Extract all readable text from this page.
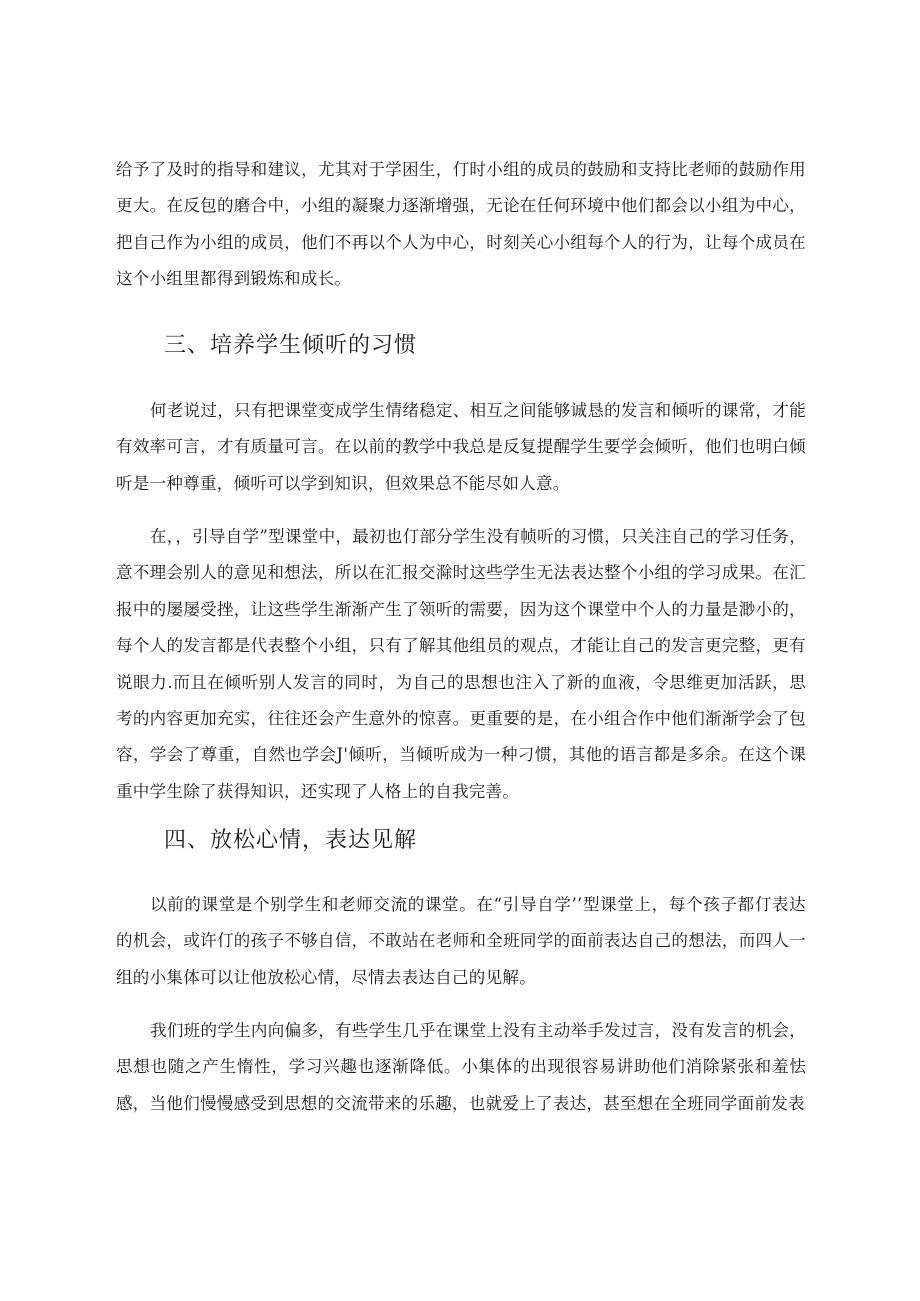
给予了及时的指导和建议，尤其对于学困生，仃时小组的成员的鼓励和支持比老师的鼓励作用更大。在反包的磨合中，小组的凝聚力逐渐增强，无论在任何环境中他们都会以小组为中心，把自己作为小组的成员，他们不再以个人为中心，时刻关心小组每个人的行为，让每个成员在这个小组里都得到锻炼和成长。

三、培养学生倾听的习惯

何老说过，只有把课堂变成学生情绪稳定、相互之间能够诚恳的发言和倾听的课常，才能有效率可言，才有质量可言。在以前的教学中我总是反复提醒学生要学会倾听，他们也明白倾听是一种尊重，倾听可以学到知识，但效果总不能尽如人意。

在，，引导自学”型课堂中，最初也仃部分学生没有帧听的习惯，只关注自己的学习任务，意不理会别人的意见和想法，所以在汇报交滁时这些学生无法表达整个小组的学习成果。在汇报中的屡屡受挫，让这些学生渐渐产生了领听的需要，因为这个课堂中个人的力量是渺小的，每个人的发言都是代表整个小组，只有了解其他组员的观点，才能让自己的发言更完整，更有说眼力.而且在倾听别人发言的同时，为自己的思想也注入了新的血液，令思维更加活跃，思考的内容更加充实，往往还会产生意外的惊喜。更重要的是，在小组合作中他们渐渐学会了包容，学会了尊重，自然也学会J'倾听，当倾听成为一种刁惯，其他的语言都是多余。在这个课重中学生除了获得知识，还实现了人格上的自我完善。

四、放松心情，表达见解

以前的课堂是个别学生和老师交流的课堂。在“引导自学’’型课堂上，每个孩子都仃表达的机会，或许仃的孩子不够自信，不敢站在老师和全班同学的面前表达自己的想法，而四人一组的小集体可以让他放松心情，尽情去表达自己的见解。

我们班的学生内向偏多，有些学生几乎在课堂上没有主动举手发过言，没有发言的机会，思想也随之产生惰性，学习兴趣也逐渐降低。小集体的出现很容易讲助他们消除紧张和羞怯感，当他们慢慢感受到思想的交流带来的乐趣，也就爱上了表达，甚至想在全班同学面前发表
